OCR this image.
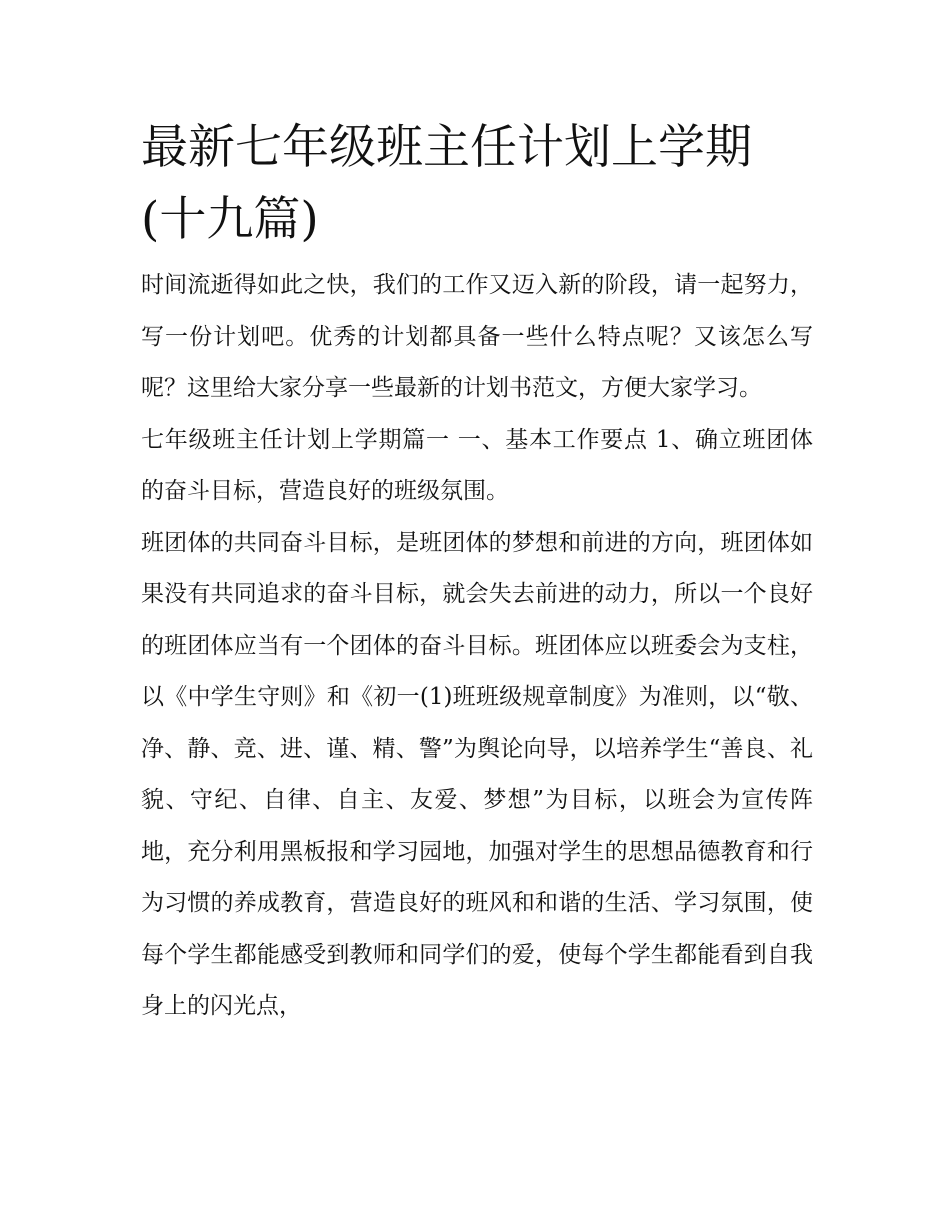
最新七年级班主任计划上学期(十九篇)

时间流逝得如此之快，我们的工作又迈入新的阶段，请一起努力，写一份计划吧。优秀的计划都具备一些什么特点呢？又该怎么写呢？这里给大家分享一些最新的计划书范文，方便大家学习。

七年级班主任计划上学期篇一 一、基本工作要点 1、确立班团体的奋斗目标，营造良好的班级氛围。

班团体的共同奋斗目标，是班团体的梦想和前进的方向，班团体如果没有共同追求的奋斗目标，就会失去前进的动力，所以一个良好的班团体应当有一个团体的奋斗目标。班团体应以班委会为支柱，以《中学生守则》和《初一(1)班班级规章制度》为准则，以“敬、净、静、竞、进、谨、精、警”为舆论向导，以培养学生“善良、礼貌、守纪、自律、自主、友爱、梦想”为目标，以班会为宣传阵地，充分利用黑板报和学习园地，加强对学生的思想品德教育和行为习惯的养成教育，营造良好的班风和和谐的生活、学习氛围，使每个学生都能感受到教师和同学们的爱，使每个学生都能看到自我身上的闪光点，
